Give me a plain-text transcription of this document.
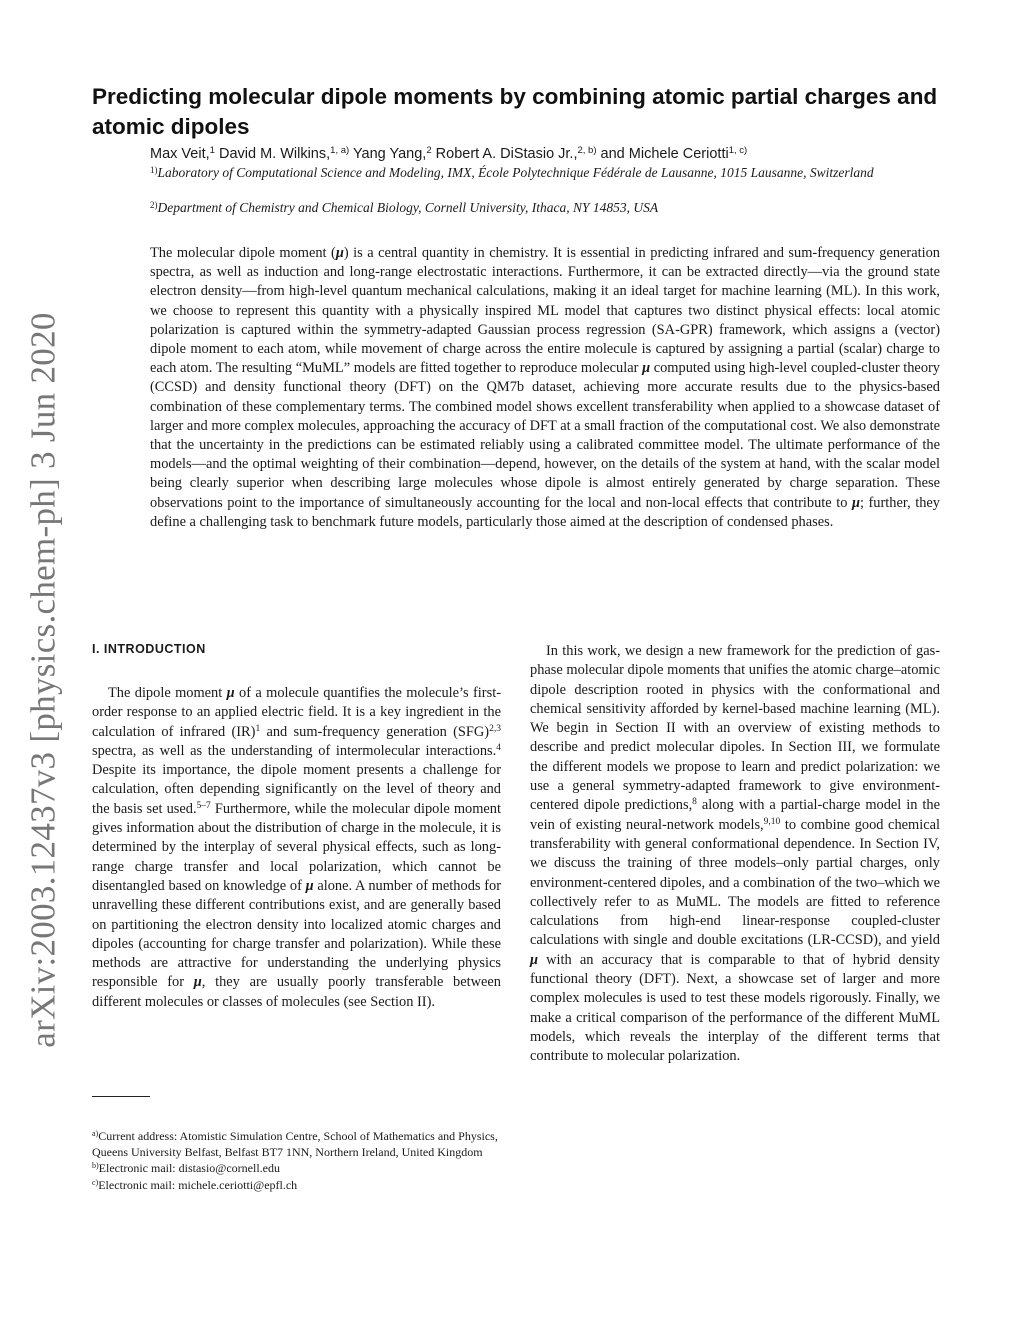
arXiv:2003.12437v3 [physics.chem-ph] 3 Jun 2020
Predicting molecular dipole moments by combining atomic partial charges and atomic dipoles
Max Veit,$^1$ David M. Wilkins,$^{1, a)}$ Yang Yang,$^2$ Robert A. DiStasio Jr.,$^{2, b)}$ and Michele Ceriotti$^{1, c)}$
$^{1)}$Laboratory of Computational Science and Modeling, IMX, École Polytechnique Fédérale de Lausanne, 1015 Lausanne, Switzerland
$^{2)}$Department of Chemistry and Chemical Biology, Cornell University, Ithaca, NY 14853, USA

The molecular dipole moment (μ) is a central quantity in chemistry. It is essential in predicting infrared and sum-frequency generation spectra, as well as induction and long-range electrostatic interactions. Furthermore, it can be extracted directly—via the ground state electron density—from high-level quantum mechanical calculations, making it an ideal target for machine learning (ML). In this work, we choose to represent this quantity with a physically inspired ML model that captures two distinct physical effects: local atomic polarization is captured within the symmetry-adapted Gaussian process regression (SA-GPR) framework, which assigns a (vector) dipole moment to each atom, while movement of charge across the entire molecule is captured by assigning a partial (scalar) charge to each atom. The resulting “MuML” models are fitted together to reproduce molecular μ computed using high-level coupled-cluster theory (CCSD) and density functional theory (DFT) on the QM7b dataset, achieving more accurate results due to the physics-based combination of these complementary terms. The combined model shows excellent transferability when applied to a showcase dataset of larger and more complex molecules, approaching the accuracy of DFT at a small fraction of the computational cost. We also demonstrate that the uncertainty in the predictions can be estimated reliably using a calibrated committee model. The ultimate performance of the models—and the optimal weighting of their combination—depend, however, on the details of the system at hand, with the scalar model being clearly superior when describing large molecules whose dipole is almost entirely generated by charge separation. These observations point to the importance of simultaneously accounting for the local and non-local effects that contribute to μ; further, they define a challenging task to benchmark future models, particularly those aimed at the description of condensed phases.

I. INTRODUCTION

The dipole moment μ of a molecule quantifies the molecule’s first-order response to an applied electric field. It is a key ingredient in the calculation of infrared (IR)$^1$ and sum-frequency generation (SFG)$^{2,3}$ spectra, as well as the understanding of intermolecular interactions.$^4$ Despite its importance, the dipole moment presents a challenge for calculation, often depending significantly on the level of theory and the basis set used.$^{5-7}$ Furthermore, while the molecular dipole moment gives information about the distribution of charge in the molecule, it is determined by the interplay of several physical effects, such as long-range charge transfer and local polarization, which cannot be disentangled based on knowledge of μ alone. A number of methods for unravelling these different contributions exist, and are generally based on partitioning the electron density into localized atomic charges and dipoles (accounting for charge transfer and polarization). While these methods are attractive for understanding the underlying physics responsible for μ, they are usually poorly transferable between different molecules or classes of molecules (see Section II).

In this work, we design a new framework for the prediction of gas-phase molecular dipole moments that unifies the atomic charge–atomic dipole description rooted in physics with the conformational and chemical sensitivity afforded by kernel-based machine learning (ML). We begin in Section II with an overview of existing methods to describe and predict molecular dipoles. In Section III, we formulate the different models we propose to learn and predict polarization: we use a general symmetry-adapted framework to give environment-centered dipole predictions,$^8$ along with a partial-charge model in the vein of existing neural-network models,$^{9,10}$ to combine good chemical transferability with general conformational dependence. In Section IV, we discuss the training of three models–only partial charges, only environment-centered dipoles, and a combination of the two–which we collectively refer to as MuML. The models are fitted to reference calculations from high-end linear-response coupled-cluster calculations with single and double excitations (LR-CCSD), and yield μ with an accuracy that is comparable to that of hybrid density functional theory (DFT). Next, a showcase set of larger and more complex molecules is used to test these models rigorously. Finally, we make a critical comparison of the performance of the different MuML models, which reveals the interplay of the different terms that contribute to molecular polarization.

$^{a)}$Current address: Atomistic Simulation Centre, School of Mathematics and Physics, Queens University Belfast, Belfast BT7 1NN, Northern Ireland, United Kingdom

$^{b)}$Electronic mail: distasio@cornell.edu

$^{c)}$Electronic mail: michele.ceriotti@epfl.ch
